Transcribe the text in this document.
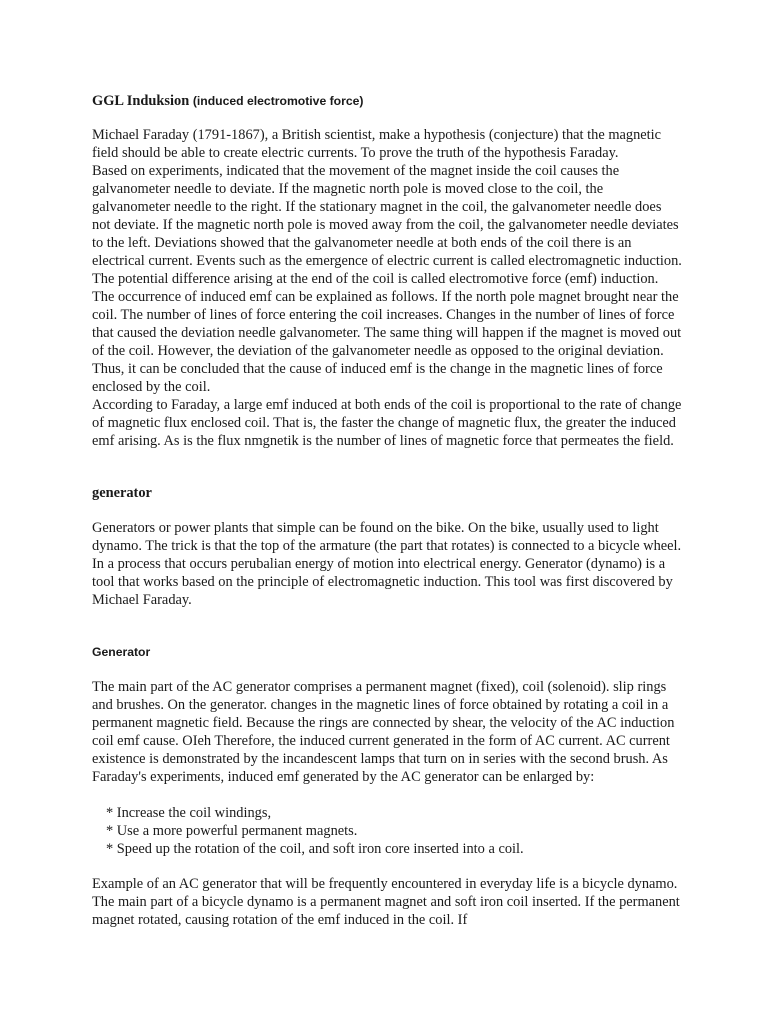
GGL Induksion (induced electromotive force)

Michael Faraday (1791-1867), a British scientist, make a hypothesis (conjecture) that the magnetic field should be able to create electric currents. To prove the truth of the hypothesis Faraday.

Based on experiments, indicated that the movement of the magnet inside the coil causes the galvanometer needle to deviate. If the magnetic north pole is moved close to the coil, the galvanometer needle to the right. If the stationary magnet in the coil, the galvanometer needle does not deviate. If the magnetic north pole is moved away from the coil, the galvanometer needle deviates to the left. Deviations showed that the galvanometer needle at both ends of the coil there is an electrical current. Events such as the emergence of electric current is called electromagnetic induction. The potential difference arising at the end of the coil is called electromotive force (emf) induction.

The occurrence of induced emf can be explained as follows. If the north pole magnet brought near the coil. The number of lines of force entering the coil increases. Changes in the number of lines of force that caused the deviation needle galvanometer. The same thing will happen if the magnet is moved out of the coil. However, the deviation of the galvanometer needle as opposed to the original deviation. Thus, it can be concluded that the cause of induced emf is the change in the magnetic lines of force enclosed by the coil.

According to Faraday, a large emf induced at both ends of the coil is proportional to the rate of change of magnetic flux enclosed coil. That is, the faster the change of magnetic flux, the greater the induced emf arising. As is the flux nmgnetik is the number of lines of magnetic force that permeates the field.

generator

Generators or power plants that simple can be found on the bike. On the bike, usually used to light dynamo. The trick is that the top of the armature (the part that rotates) is connected to a bicycle wheel. In a process that occurs perubalian energy of motion into electrical energy. Generator (dynamo) is a tool that works based on the principle of electromagnetic induction. This tool was first discovered by Michael Faraday.

Generator

The main part of the AC generator comprises a permanent magnet (fixed), coil (solenoid). slip rings and brushes. On the generator. changes in the magnetic lines of force obtained by rotating a coil in a permanent magnetic field. Because the rings are connected by shear, the velocity of the AC induction coil emf cause. OIeh Therefore, the induced current generated in the form of AC current. AC current existence is demonstrated by the incandescent lamps that turn on in series with the second brush. As Faraday's experiments, induced emf generated by the AC generator can be enlarged by:

* Increase the coil windings,
* Use a more powerful permanent magnets.
* Speed up the rotation of the coil, and soft iron core inserted into a coil.

Example of an AC generator that will be frequently encountered in everyday life is a bicycle dynamo. The main part of a bicycle dynamo is a permanent magnet and soft iron coil inserted. If the permanent magnet rotated, causing rotation of the emf induced in the coil. If
